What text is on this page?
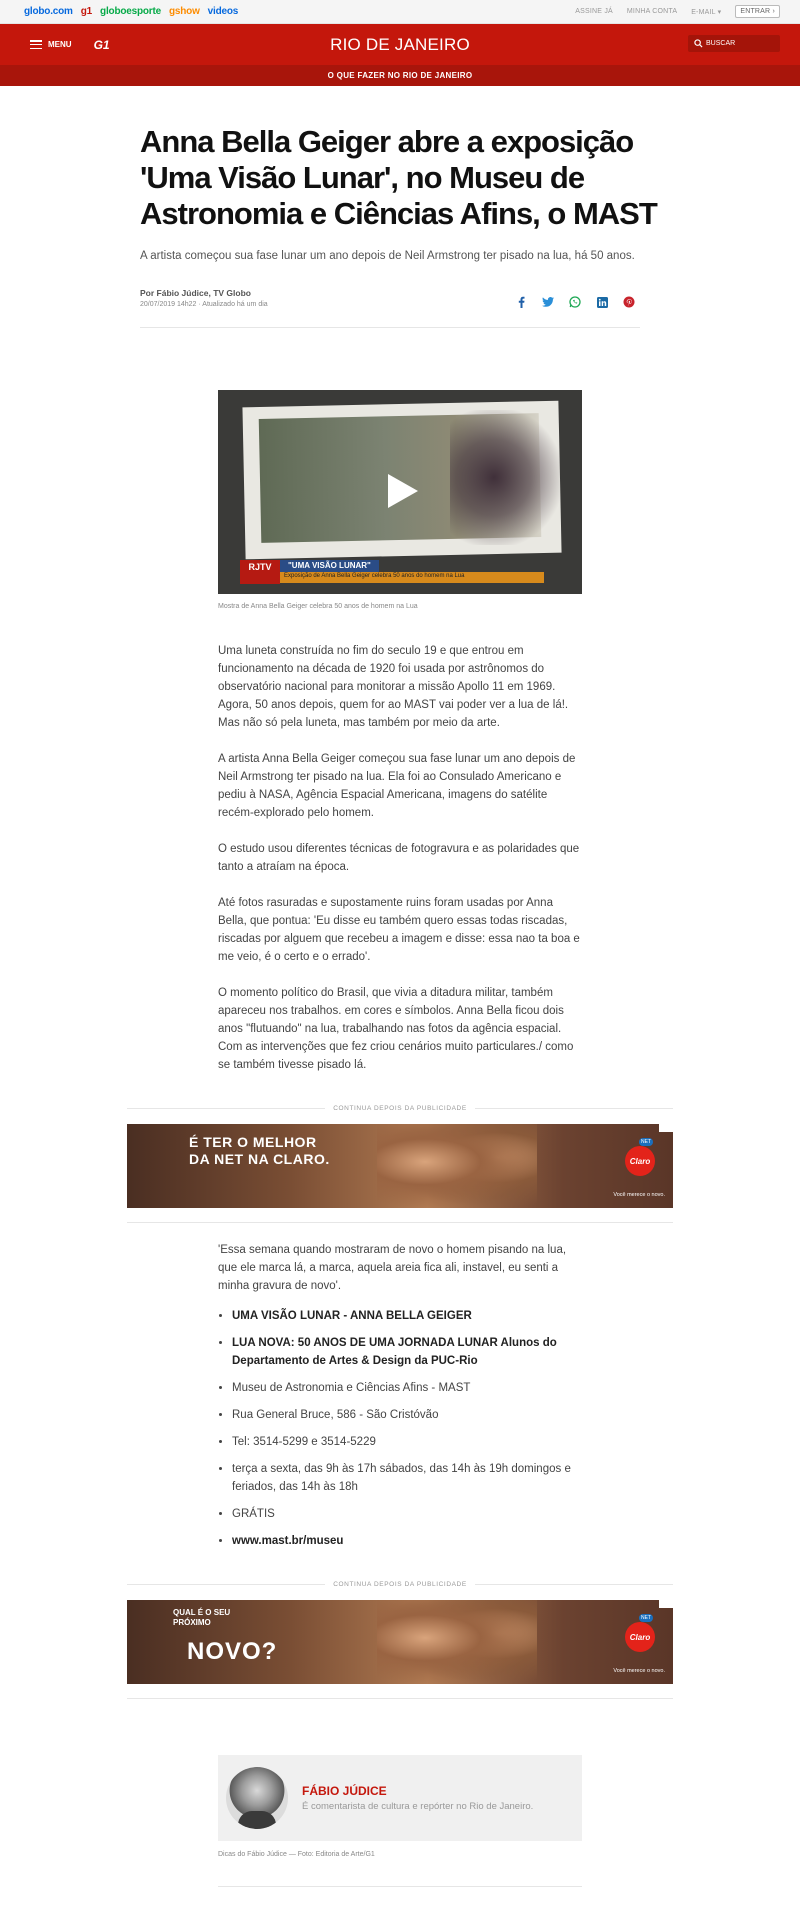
globo.com g1 globoesporte gshow videos	ASSINE JÁ MINHA CONTA E-MAIL ▾	ENTRAR ›
MENU G1	RIO DE JANEIRO	BUSCAR
O QUE FAZER NO RIO DE JANEIRO
Anna Bella Geiger abre a exposição 'Uma Visão Lunar', no Museu de Astronomia e Ciências Afins, o MAST

A artista começou sua fase lunar um ano depois de Neil Armstrong ter pisado na lua, há 50 anos.

Por Fábio Júdice, TV Globo
20/07/2019 14h22 · Atualizado há um dia
RJTV	"UMA VISÃO LUNAR"
Exposição de Anna Bella Geiger celebra 50 anos do homem na Lua
Mostra de Anna Bella Geiger celebra 50 anos de homem na Lua

Uma luneta construída no fim do seculo 19 e que entrou em funcionamento na década de 1920 foi usada por astrônomos do observatório nacional para monitorar a missão Apollo 11 em 1969. Agora, 50 anos depois, quem for ao MAST vai poder ver a lua de lá!. Mas não só pela luneta, mas também por meio da arte.

A artista Anna Bella Geiger começou sua fase lunar um ano depois de Neil Armstrong ter pisado na lua. Ela foi ao Consulado Americano e pediu à NASA, Agência Espacial Americana, imagens do satélite recém-explorado pelo homem.

O estudo usou diferentes técnicas de fotogravura e as polaridades que tanto a atraíam na época.

Até fotos rasuradas e supostamente ruins foram usadas por Anna Bella, que pontua: 'Eu disse eu também quero essas todas riscadas, riscadas por alguem que recebeu a imagem e disse: essa nao ta boa e me veio, é o certo e o errado'.

O momento político do Brasil, que vivia a ditadura militar, também apareceu nos trabalhos. em cores e símbolos. Anna Bella ficou dois anos "flutuando" na lua, trabalhando nas fotos da agência espacial. Com as intervenções que fez criou cenários muito particulares./ como se também tivesse pisado lá.

CONTINUA DEPOIS DA PUBLICIDADE
É TER O MELHOR DA NET NA CLARO.
NET
Claro
Você merece o novo.

'Essa semana quando mostraram de novo o homem pisando na lua, que ele marca lá, a marca, aquela areia fica ali, instavel, eu senti a minha gravura de novo'.

• UMA VISÃO LUNAR - ANNA BELLA GEIGER
• LUA NOVA: 50 ANOS DE UMA JORNADA LUNAR Alunos do Departamento de Artes & Design da PUC-Rio
• Museu de Astronomia e Ciências Afins - MAST
• Rua General Bruce, 586 - São Cristóvão
• Tel: 3514-5299 e 3514-5229
• terça a sexta, das 9h às 17h sábados, das 14h às 19h domingos e feriados, das 14h às 18h
• GRÁTIS
• www.mast.br/museu
CONTINUA DEPOIS DA PUBLICIDADE
QUAL É O SEU PRÓXIMO
NOVO?
NET
Claro
Você merece o novo.
FÁBIO JÚDICE
É comentarista de cultura e repórter no Rio de Janeiro.
Dicas do Fábio Júdice — Foto: Editoria de Arte/G1
